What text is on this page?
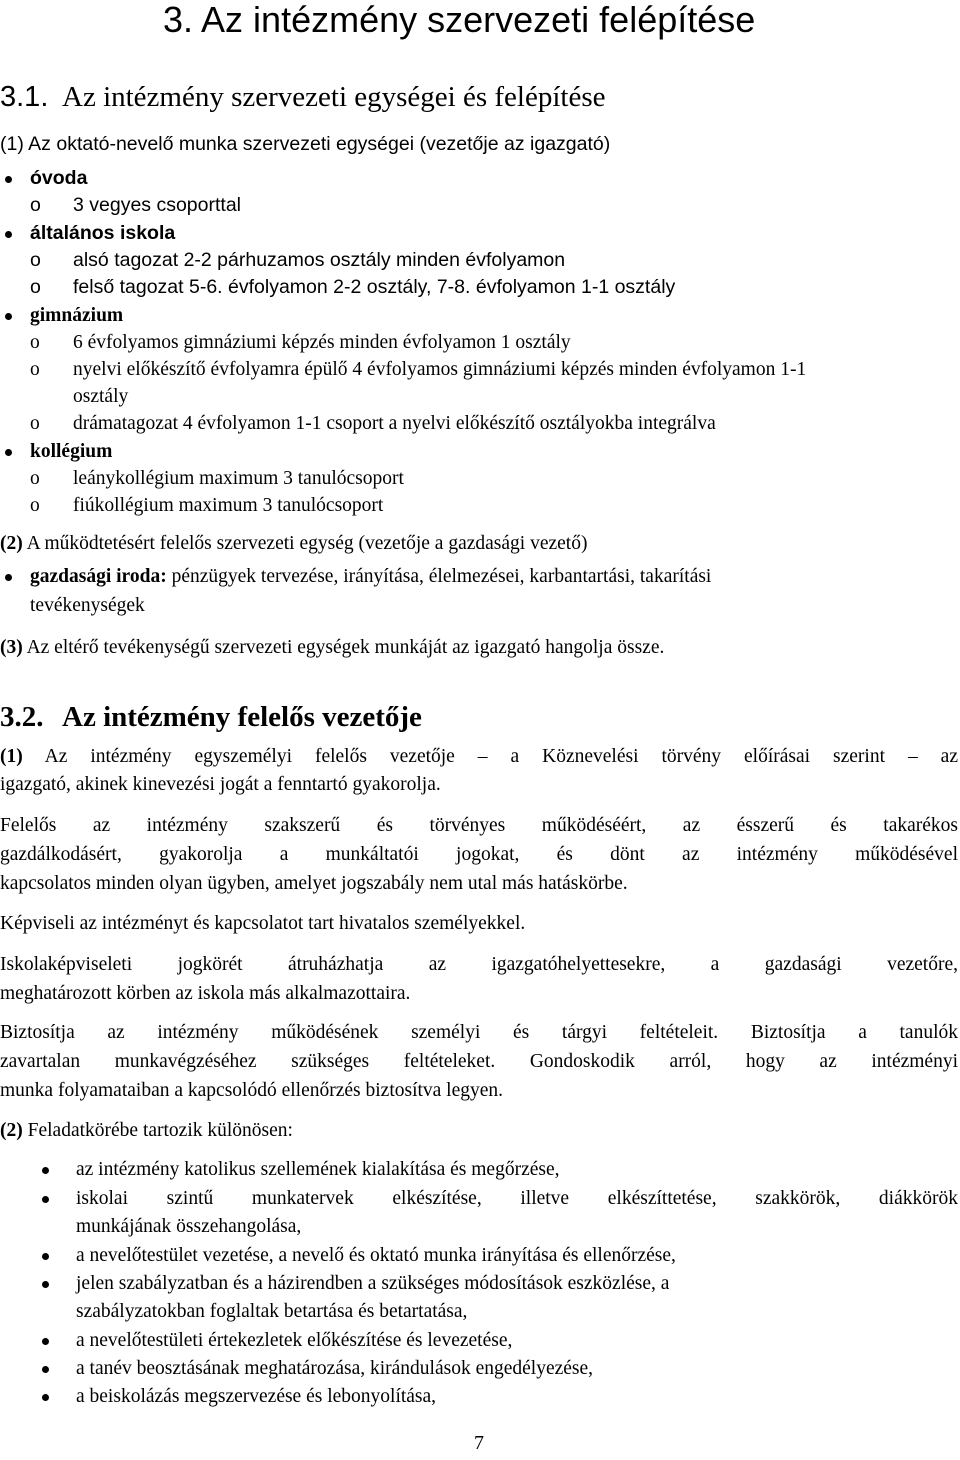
3. Az intézmény szervezeti felépítése
3.1. Az intézmény szervezeti egységei és felépítése
(1) Az oktató-nevelő munka szervezeti egységei (vezetője az igazgató)
óvoda
o 3 vegyes csoporttal
általános iskola
o alsó tagozat 2-2 párhuzamos osztály minden évfolyamon
o felső tagozat 5-6. évfolyamon 2-2 osztály, 7-8. évfolyamon 1-1 osztály
gimnázium
o 6 évfolyamos gimnáziumi képzés minden évfolyamon 1 osztály
o nyelvi előkészítő évfolyamra épülő 4 évfolyamos gimnáziumi képzés minden évfolyamon 1-1
osztály
o drámatagozat 4 évfolyamon 1-1 csoport a nyelvi előkészítő osztályokba integrálva
kollégium
o leánykollégium maximum 3 tanulócsoport
o fiúkollégium maximum 3 tanulócsoport
(2) A működtetésért felelős szervezeti egység (vezetője a gazdasági vezető)
gazdasági iroda: pénzügyek tervezése, irányítása, élelmezései, karbantartási, takarítási
tevékenységek
(3) Az eltérő tevékenységű szervezeti egységek munkáját az igazgató hangolja össze.
3.2. Az intézmény felelős vezetője
(1) Az intézmény egyszemélyi felelős vezetője – a Köznevelési törvény előírásai szerint – az
igazgató, akinek kinevezési jogát a fenntartó gyakorolja.
Felelős az intézmény szakszerű és törvényes működéséért, az ésszerű és takarékos
gazdálkodásért, gyakorolja a munkáltatói jogokat, és dönt az intézmény működésével
kapcsolatos minden olyan ügyben, amelyet jogszabály nem utal más hatáskörbe.
Képviseli az intézményt és kapcsolatot tart hivatalos személyekkel.
Iskolaképviseleti jogkörét átruházhatja az igazgatóhelyettesekre, a gazdasági vezetőre,
meghatározott körben az iskola más alkalmazottaira.
Biztosítja az intézmény működésének személyi és tárgyi feltételeit. Biztosítja a tanulók
zavartalan munkavégzéséhez szükséges feltételeket. Gondoskodik arról, hogy az intézményi
munka folyamataiban a kapcsolódó ellenőrzés biztosítva legyen.
(2) Feladatkörébe tartozik különösen:
az intézmény katolikus szellemének kialakítása és megőrzése,
iskolai szintű munkatervek elkészítése, illetve elkészíttetése, szakkörök, diákkörök
munkájának összehangolása,
a nevelőtestület vezetése, a nevelő és oktató munka irányítása és ellenőrzése,
jelen szabályzatban és a házirendben a szükséges módosítások eszközlése, a
szabályzatokban foglaltak betartása és betartatása,
a nevelőtestületi értekezletek előkészítése és levezetése,
a tanév beosztásának meghatározása, kirándulások engedélyezése,
a beiskolázás megszervezése és lebonyolítása,
7
